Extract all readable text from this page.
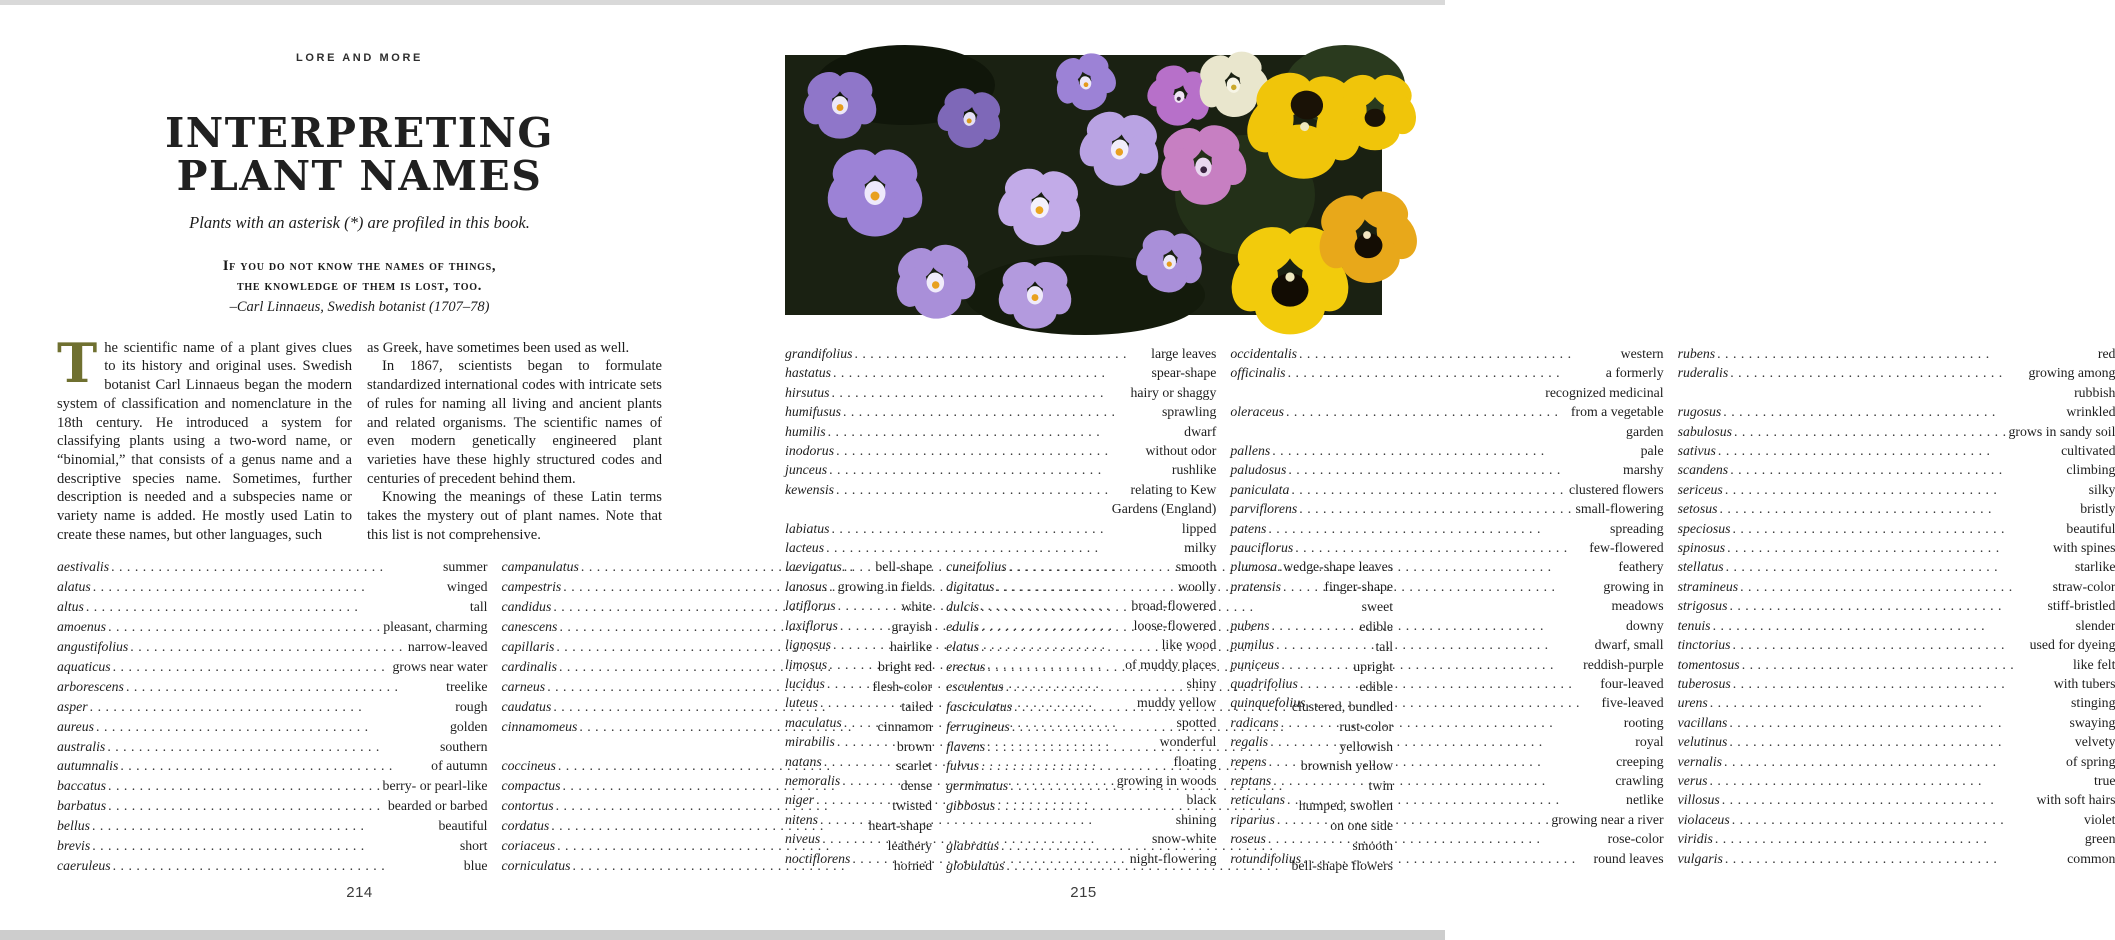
LORE AND MORE
INTERPRETING
PLANT NAMES
Plants with an asterisk (*) are profiled in this book.
If you do not know the names of things,
the knowledge of them is lost, too.
–Carl Linnaeus, Swedish botanist (1707–78)

The scientific name of a plant gives clues to its history and original uses. Swedish botanist Carl Linnaeus began the modern system of classification and nomenclature in the 18th century. He introduced a system for classifying plants using a two-word name, or “binomial,” that consists of a genus name and a descriptive species name. Sometimes, further description is needed and a subspecies name or variety name is added. He mostly used Latin to create these names, but other languages, such

as Greek, have sometimes been used as well.

In 1867, scientists began to formulate standardized international codes with intricate sets of rules for naming all living and ancient plants and related organisms. The scientific names of even modern genetically engineered plant varieties have these highly structured codes and centuries of precedent behind them.

Knowing the meanings of these Latin terms takes the mystery out of plant names. Note that this list is not comprehensive.

aestivalis . . .	summer
alatus . . .	winged
altus . . .	tall
amoenus . . .	pleasant, charming
angustifolius . . .	narrow-leaved
aquaticus . . .	grows near water
arborescens . . .	treelike
asper . . .	rough
aureus . . .	golden
australis . . .	southern
autumnalis . . .	of autumn
baccatus . . .	berry- or pearl-like
barbatus . . .	bearded or barbed
bellus . . .	beautiful
brevis . . .	short
caeruleus . . .	blue
campanulatus . . .	bell-shape
campestris . . .	growing in fields
candidus . . .	white
canescens . . .	grayish
capillaris . . .	hairlike
cardinalis . . .	bright red
carneus . . .	flesh-color
caudatus . . .	tailed
cinnamomeus . . .	cinnamon
brown
coccineus . . .	scarlet
compactus . . .	dense
contortus . . .	twisted
cordatus . . .	heart-shape
coriaceus . . .	leathery
corniculatus . . .	horned
cuneifolius . . .	wedge-shape leaves
digitatus . . .	finger-shape
dulcis . . .	sweet
edulis . . .	edible
elatus . . .	tall
erectus . . .	upright
esculentus . . .	edible
fasciculatus . . .	clustered, bundled
ferrugineus . . .	rust-color
flavens . . .	yellowish
fulvus . . .	brownish yellow
germinatus . . .	twin
gibbosus . . .	humped, swollen
on one side
glabratus . . .	smooth
globulatus . . .	bell-shape flowers
grandifolius . . .	large leaves
hastatus . . .	spear-shape
hirsutus . . .	hairy or shaggy
humifusus . . .	sprawling
humilis . . .	dwarf
inodorus . . .	without odor
junceus . . .	rushlike
kewensis . . .	relating to Kew
Gardens (England)
labiatus . . .	lipped
lacteus . . .	milky
laevigatus . . .	smooth
lanosus . . .	woolly
latiflorus . . .	broad-flowered
laxiflorus . . .	loose-flowered
lignosus . . .	like wood
limosus . . .	of muddy places
lucidus . . .	shiny
luteus . . .	muddy yellow
maculatus . . .	spotted
mirabilis . . .	wonderful
natans . . .	floating
nemoralis . . .	growing in woods
niger . . .	black
nitens . . .	shining
niveus . . .	snow-white
noctiflorens . . .	night-flowering
occidentalis . . .	western
officinalis . . .	a formerly
recognized medicinal
oleraceus . . .	from a vegetable
garden
pallens . . .	pale
paludosus . . .	marshy
paniculata . . .	clustered flowers
parviflorens . . .	small-flowering
patens . . .	spreading
pauciflorus . . .	few-flowered
plumosa . . .	feathery
pratensis . . .	growing in
meadows
pubens . . .	downy
pumilus . . .	dwarf, small
puniceus . . .	reddish-purple
quadrifolius . . .	four-leaved
quinquefolius . . .	five-leaved
radicans . . .	rooting
regalis . . .	royal
repens . . .	creeping
reptans . . .	crawling
reticulans . . .	netlike
riparius . . .	growing near a river
roseus . . .	rose-color
rotundifolius . . .	round leaves
rubens . . .	red
ruderalis . . .	growing among
rubbish
rugosus . . .	wrinkled
sabulosus . . .	grows in sandy soil
sativus . . .	cultivated
scandens . . .	climbing
sericeus . . .	silky
setosus . . .	bristly
speciosus . . .	beautiful
spinosus . . .	with spines
stellatus . . .	starlike
stramineus . . .	straw-color
strigosus . . .	stiff-bristled
tenuis . . .	slender
tinctorius . . .	used for dyeing
tomentosus . . .	like felt
tuberosus . . .	with tubers
urens . . .	stinging
vacillans . . .	swaying
velutinus . . .	velvety
vernalis . . .	of spring
verus . . .	true
villosus . . .	with soft hairs
violaceus . . .	violet
viridis . . .	green
vulgaris . . .	common
214	215
